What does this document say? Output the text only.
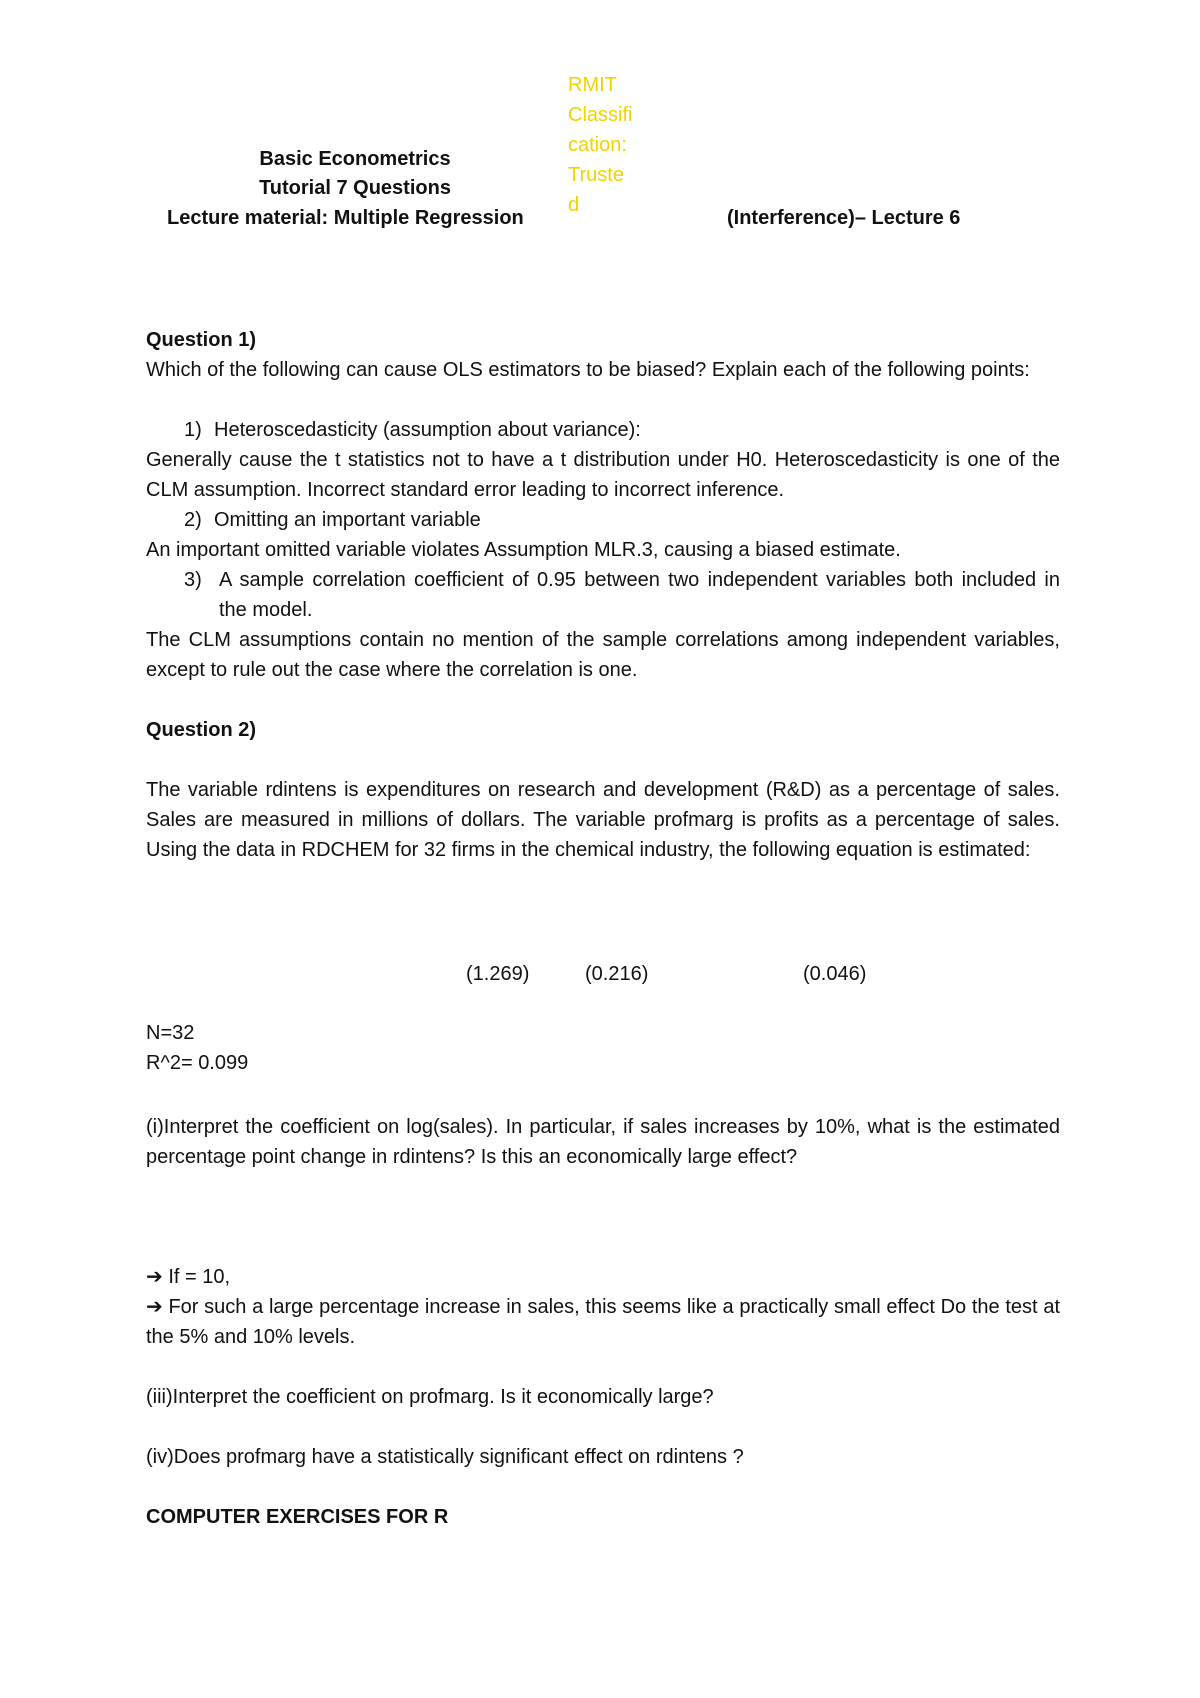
RMIT
Classifi
cation:
Truste
d
Basic Econometrics
Tutorial 7 Questions
Lecture material: Multiple Regression	(Interference)– Lecture 6
Question 1)
Which of the following can cause OLS estimators to be biased? Explain each of the following points:
1) Heteroscedasticity (assumption about variance):
Generally cause the t statistics not to have a t distribution under H0. Heteroscedasticity is one of the CLM assumption. Incorrect standard error leading to incorrect inference.
2) Omitting an important variable
An important omitted variable violates Assumption MLR.3, causing a biased estimate.
3) A sample correlation coefficient of 0.95 between two independent variables both included in the model.
The CLM assumptions contain no mention of the sample correlations among independent variables, except to rule out the case where the correlation is one.
Question 2)
The variable rdintens is expenditures on research and development (R&D) as a percentage of sales. Sales are measured in millions of dollars. The variable profmarg is profits as a percentage of sales. Using the data in RDCHEM for 32 firms in the chemical industry, the following equation is estimated:
(1.269)	(0.216)	(0.046)
N=32
R^2= 0.099
(i)Interpret the coefficient on log(sales). In particular, if sales increases by 10%, what is the estimated percentage point change in rdintens? Is this an economically large effect?
➔ If = 10,
➔ For such a large percentage increase in sales, this seems like a practically small effect Do the test at the 5% and 10% levels.
(iii)Interpret the coefficient on profmarg. Is it economically large?
(iv)Does profmarg have a statistically significant effect on rdintens ?
COMPUTER EXERCISES FOR R
